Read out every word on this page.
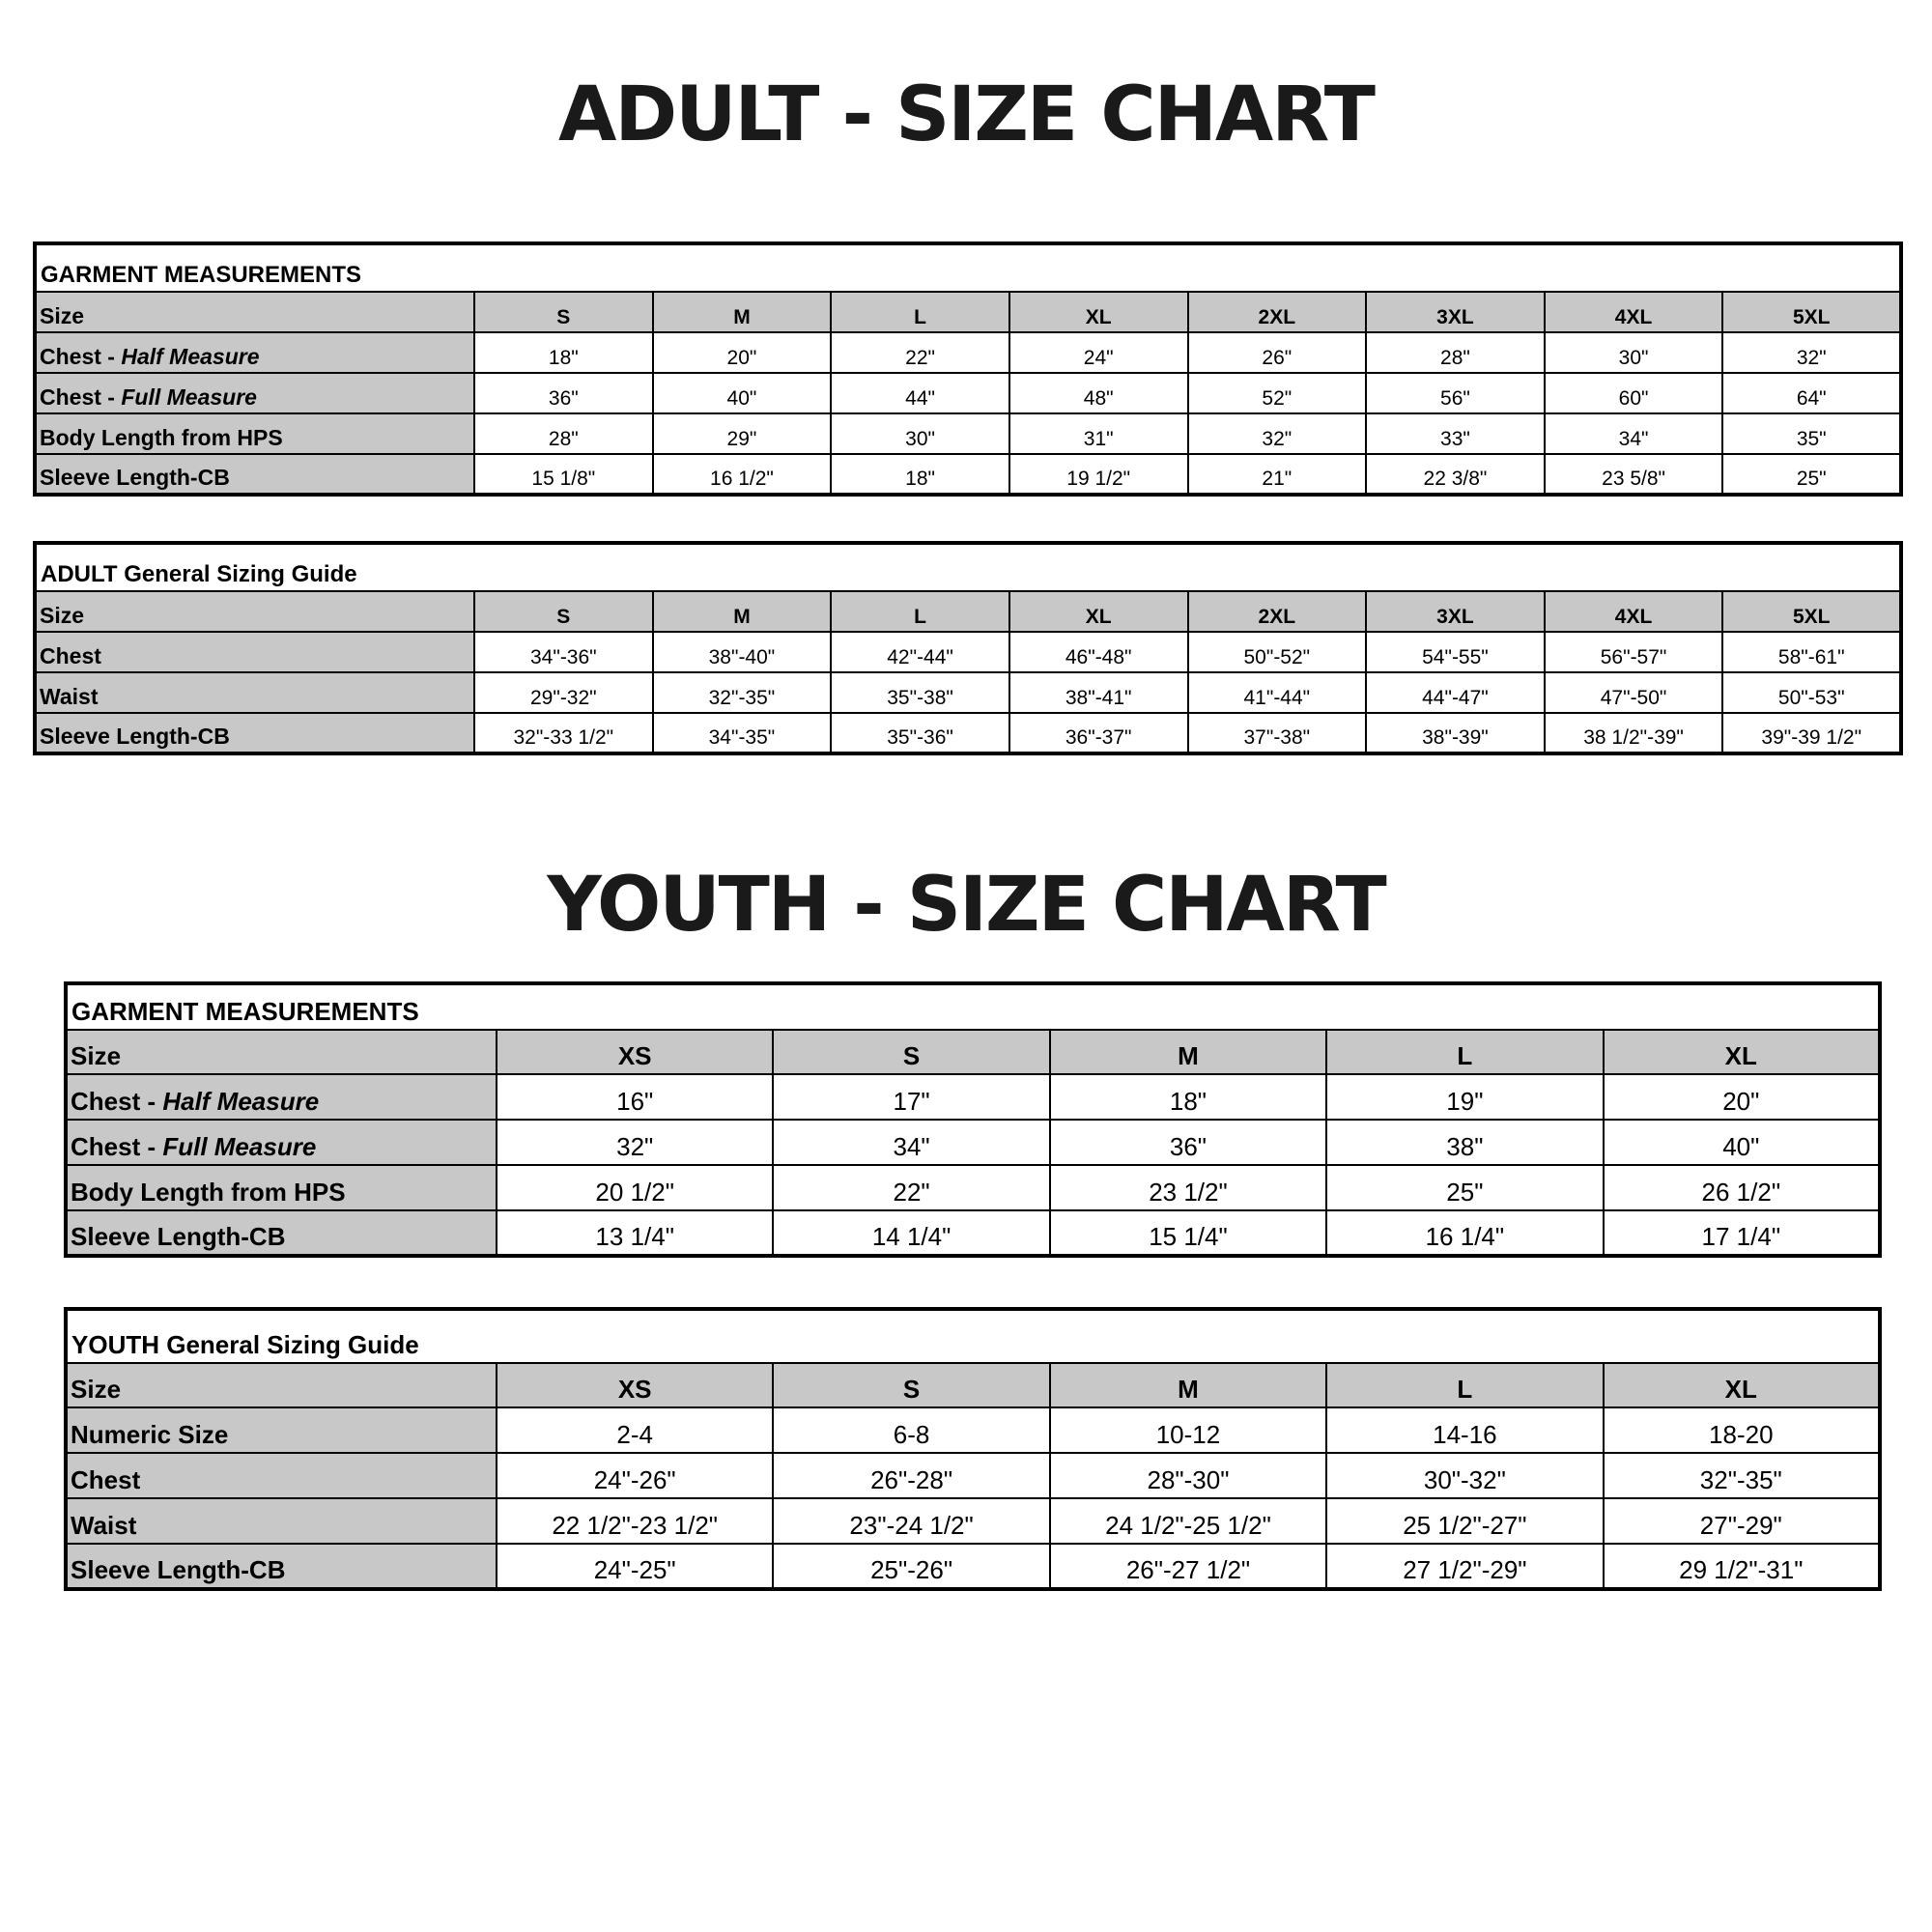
ADULT - SIZE CHART
GARMENT MEASUREMENTS								
Size	S	M	L	XL	2XL	3XL	4XL	5XL
Chest - Half Measure	18"	20"	22"	24"	26"	28"	30"	32"
Chest - Full Measure	36"	40"	44"	48"	52"	56"	60"	64"
Body Length from HPS	28"	29"	30"	31"	32"	33"	34"	35"
Sleeve Length-CB	15 1/8"	16 1/2"	18"	19 1/2"	21"	22 3/8"	23 5/8"	25"
ADULT General Sizing Guide								
Size	S	M	L	XL	2XL	3XL	4XL	5XL
Chest	34"-36"	38"-40"	42"-44"	46"-48"	50"-52"	54"-55"	56"-57"	58"-61"
Waist	29"-32"	32"-35"	35"-38"	38"-41"	41"-44"	44"-47"	47"-50"	50"-53"
Sleeve Length-CB	32"-33 1/2"	34"-35"	35"-36"	36"-37"	37"-38"	38"-39"	38 1/2"-39"	39"-39 1/2"
YOUTH - SIZE CHART
GARMENT MEASUREMENTS					
Size	XS	S	M	L	XL
Chest - Half Measure	16"	17"	18"	19"	20"
Chest - Full Measure	32"	34"	36"	38"	40"
Body Length from HPS	20 1/2"	22"	23 1/2"	25"	26 1/2"
Sleeve Length-CB	13 1/4"	14 1/4"	15 1/4"	16 1/4"	17 1/4"
YOUTH General Sizing Guide					
Size	XS	S	M	L	XL
Numeric Size	2-4	6-8	10-12	14-16	18-20
Chest	24"-26"	26"-28"	28"-30"	30"-32"	32"-35"
Waist	22 1/2"-23 1/2"	23"-24 1/2"	24 1/2"-25 1/2"	25 1/2"-27"	27"-29"
Sleeve Length-CB	24"-25"	25"-26"	26"-27 1/2"	27 1/2"-29"	29 1/2"-31"
